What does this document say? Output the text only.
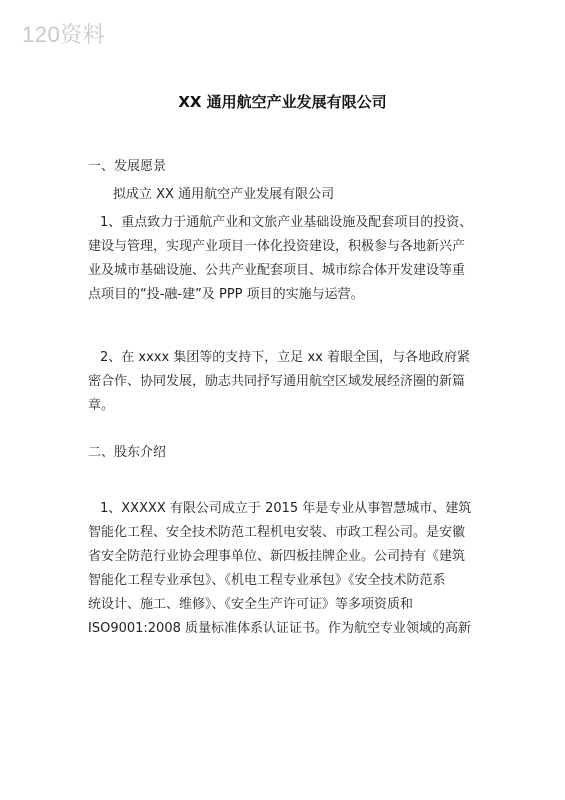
120资料
XX 通用航空产业发展有限公司
一、发展愿景
拟成立 XX 通用航空产业发展有限公司
1、重点致力于通航产业和文旅产业基础设施及配套项目的投资、
建设与管理，实现产业项目一体化投资建设，积极参与各地新兴产
业及城市基础设施、公共产业配套项目、城市综合体开发建设等重
点项目的“投-融-建”及 PPP 项目的实施与运营。
2、在 xxxx 集团等的支持下，立足 xx 着眼全国，与各地政府紧
密合作、协同发展，励志共同抒写通用航空区域发展经济圈的新篇
章。
二、股东介绍
1、XXXXX 有限公司成立于 2015 年是专业从事智慧城市、建筑
智能化工程、安全技术防范工程机电安装、市政工程公司。是安徽
省安全防范行业协会理事单位、新四板挂牌企业。公司持有《建筑
智能化工程专业承包》、《机电工程专业承包》《安全技术防范系
统设计、施工、维修》、《安全生产许可证》等多项资质和
ISO9001:2008 质量标准体系认证证书。作为航空专业领域的高新
